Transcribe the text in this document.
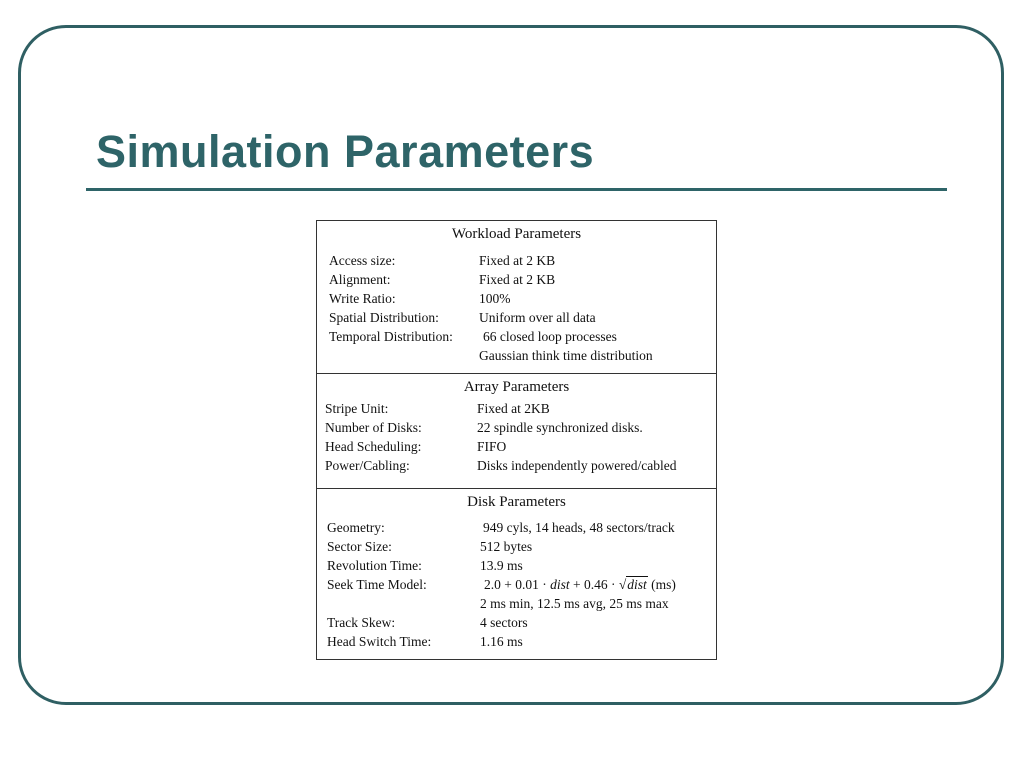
Simulation Parameters
Workload Parameters
Access size:	Fixed at 2 KB
Alignment:	Fixed at 2 KB
Write Ratio:	100%
Spatial Distribution:	Uniform over all data
Temporal Distribution: 66 closed loop processes
Gaussian think time distribution
Array Parameters
Stripe Unit:	Fixed at 2KB
Number of Disks:	22 spindle synchronized disks.
Head Scheduling:	FIFO
Power/Cabling:	Disks independently powered/cabled
Disk Parameters
Geometry:	949 cyls, 14 heads, 48 sectors/track
Sector Size:	512 bytes
Revolution Time:	13.9 ms
Seek Time Model:	2.0 + 0.01 · dist + 0.46 · √dist (ms)
2 ms min, 12.5 ms avg, 25 ms max
Track Skew:	4 sectors
Head Switch Time:	1.16 ms
